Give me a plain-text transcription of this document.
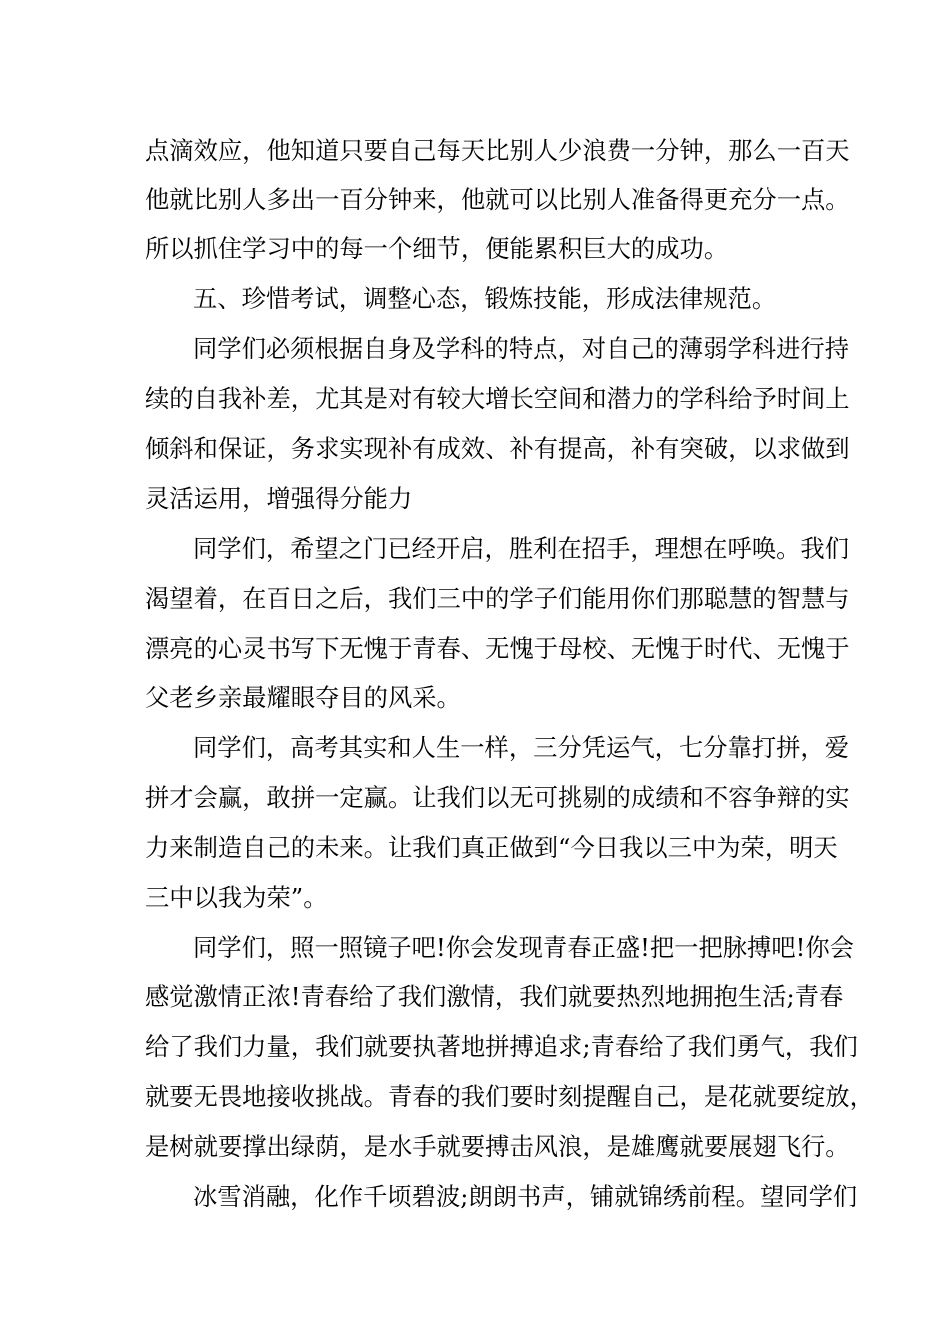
点滴效应，他知道只要自己每天比别人少浪费一分钟，那么一百天
他就比别人多出一百分钟来，他就可以比别人准备得更充分一点。
所以抓住学习中的每一个细节，便能累积巨大的成功。
五、珍惜考试，调整心态，锻炼技能，形成法律规范。
同学们必须根据自身及学科的特点，对自己的薄弱学科进行持
续的自我补差，尤其是对有较大增长空间和潜力的学科给予时间上
倾斜和保证，务求实现补有成效、补有提高，补有突破，以求做到
灵活运用，增强得分能力
同学们，希望之门已经开启，胜利在招手，理想在呼唤。我们
渴望着，在百日之后，我们三中的学子们能用你们那聪慧的智慧与
漂亮的心灵书写下无愧于青春、无愧于母校、无愧于时代、无愧于
父老乡亲最耀眼夺目的风采。
同学们，高考其实和人生一样，三分凭运气，七分靠打拼，爱
拼才会赢，敢拼一定赢。让我们以无可挑剔的成绩和不容争辩的实
力来制造自己的未来。让我们真正做到“今日我以三中为荣，明天
三中以我为荣”。
同学们，照一照镜子吧!你会发现青春正盛!把一把脉搏吧!你会
感觉激情正浓!青春给了我们激情，我们就要热烈地拥抱生活;青春
给了我们力量，我们就要执著地拼搏追求;青春给了我们勇气，我们
就要无畏地接收挑战。青春的我们要时刻提醒自己，是花就要绽放，
是树就要撑出绿荫，是水手就要搏击风浪，是雄鹰就要展翅飞行。
冰雪消融，化作千顷碧波;朗朗书声，铺就锦绣前程。望同学们
